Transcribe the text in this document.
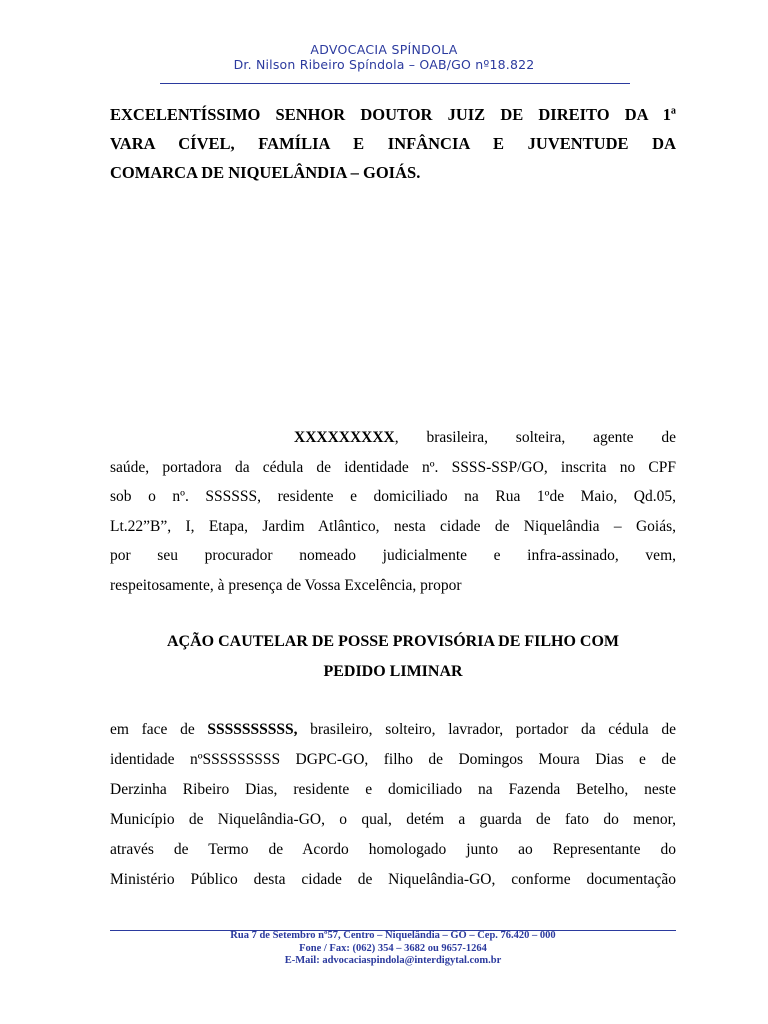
ADVOCACIA SPÍNDOLA
Dr. Nilson Ribeiro Spíndola – OAB/GO nº18.822
EXCELENTÍSSIMO SENHOR DOUTOR JUIZ DE DIREITO DA 1ª
VARA CÍVEL, FAMÍLIA E INFÂNCIA E JUVENTUDE DA
COMARCA DE NIQUELÂNDIA – GOIÁS.
XXXXXXXXX, brasileira, solteira, agente de
saúde, portadora da cédula de identidade nº. SSSS-SSP/GO, inscrita no CPF
sob o nº. SSSSSS, residente e domiciliado na Rua 1ºde Maio, Qd.05,
Lt.22”B”, I, Etapa, Jardim Atlântico, nesta cidade de Niquelândia – Goiás,
por seu procurador nomeado judicialmente e infra-assinado, vem,
respeitosamente, à presença de Vossa Excelência, propor
AÇÃO CAUTELAR DE POSSE PROVISÓRIA DE FILHO COM
PEDIDO LIMINAR
em face de SSSSSSSSSS, brasileiro, solteiro, lavrador, portador da cédula de
identidade nºSSSSSSSSS DGPC-GO, filho de Domingos Moura Dias e de
Derzinha Ribeiro Dias, residente e domiciliado na Fazenda Betelho, neste
Município de Niquelândia-GO, o qual, detém a guarda de fato do menor,
através de Termo de Acordo homologado junto ao Representante do
Ministério Público desta cidade de Niquelândia-GO, conforme documentação
Rua 7 de Setembro nº57, Centro – Niquelândia – GO – Cep. 76.420 – 000
Fone / Fax: (062) 354 – 3682 ou 9657-1264
E-Mail: advocaciaspindola@interdigytal.com.br
